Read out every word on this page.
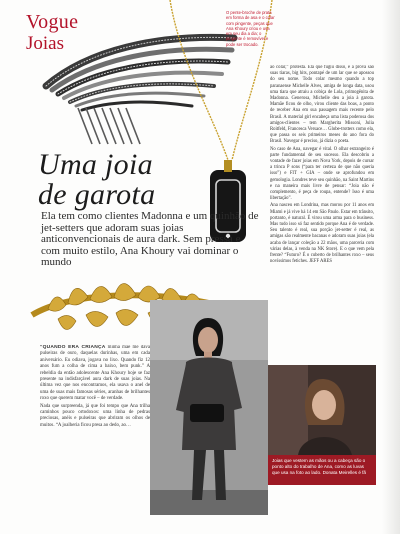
Vogue
Joias
O pente-broche de prata em forma de asa e o colar com pingente, peças que Ana Khoury criou e usa em seu dia a dia; o pingente é removível e pode ser trocado.
Uma joia
de garota
Ela tem como clientes Madonna e um quinhão de jet-setters que adoram suas joias anticonvencionais de aura dark. Sem pressa e com muito estilo, Ana Khoury vai dominar o mundo

“QUANDO ERA CRIANÇA minha mãe me dava pulseiras de ouro, daquelas durinhas, uma em cada aniversário. Eu odiava, jogava no lixo. Quando fiz 12 anos fum a colha de cima a baixo, bem punk.” A rebeldia da então adolescente Ana Khoury hoje se faz presente na indisfarçável aura dark de suas joias. Na última vez que nos encontramos, ela usava o anel de uma de suas mais famosas séries, aranhas de brilhantes roxo que querem matar você – de verdade.

Nada que surpreenda, já que foi tempo que Ana trilha caminhos pouco ortodoxos: uma linha de pedras preciosas, anéis e pulseiras que abriram os olhos de muitos. “A joalheria ficou presa ao dedo, ao…

ao colar,” protesta. Ela que fugiu disso, é a prova são suas tiaras, big hits, pontapé de um lar que se apossou do seu nome. Todo colar mesmo quando a top paranaense Michelle Alves, amiga de longa data, usou uma tiara que atraiu a cobiça de Lola, primogênita de Madonna. Generosa, Michelle deu a joia à garota. Mamãe ficou de olho, virou cliente das boas, a ponto de receber Ana em sua passagem mais recente pelo Brasil. A material girl encabeça uma lista poderosa dos amigos-clientes – tem Margherita Missoni, Julia Roitfeld, Francesca Versace… Globe-trotters como ela, que passa os seis primeiros meses do ano fora do Brasil. Navegar é preciso, já dizia o poeta.

No caso de Ana, navegar é vital. O olhar estrangeiro é parte fundamental de seu sucesso. Ela descobriu a vontade de fazer joias em Nova York, depois de cursar a trinca P sons (“para ter certeza de que não queria isso”) e FIT + GIA – onde se aprofundou em gemologia. Londres teve seu quinhão, na Saint Martins e na maneira mais livre de pensar: “Joia não é complemento, é peça de roupa, entende? Isso é uma libertação”.

Ana nasceu em Londrina, mas morou por 11 anos em Miami e já vive há 14 em São Paulo. Estar em trânsito, portanto, é natural. É virou uma arma para o business. Mas tudo isso só faz sentido porque Ana é de verdade. Seu talento é real, sua porção jet-setter é real, as amigas são realmente bacanas e adoram suas joias (ela acaba de lançar coleção a 22 mãos, uma parceria com várias delas, à venda na NK Store). E o que vem pela frente? “Futuro? É o cuberto de brilhantes roxo – seus novíssimos fetiches. JEFF ARES

Joias que vestem as mãos ou a cabeça são o ponto alto do trabalho de Ana, como as luvas que usa na foto ao lado. Donata Meirelles é fã
